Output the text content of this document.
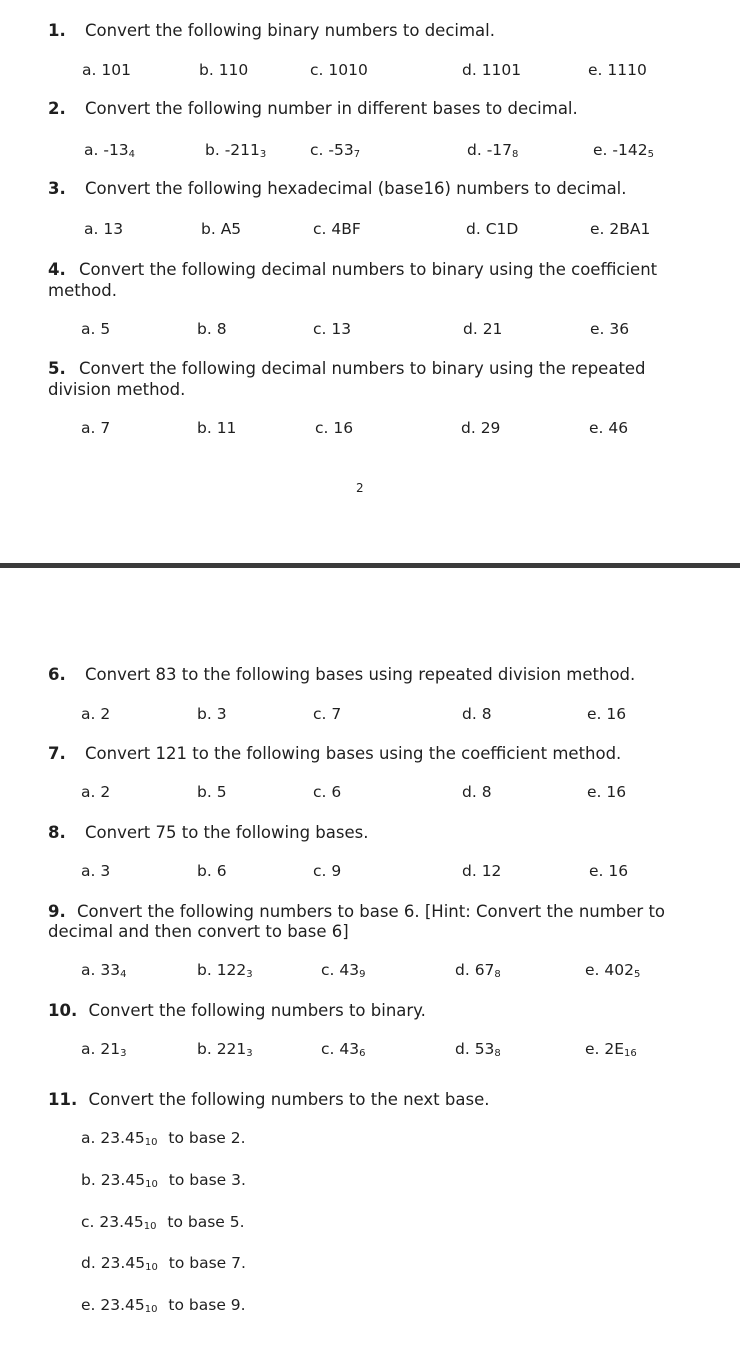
1. Convert the following binary numbers to decimal.
a. 101	b. 110	c. 1010	d. 1101	e. 1110
2. Convert the following number in different bases to decimal.
a. $-13_4$	b. $-211_3$	c. $-53_7$	d. $-17_8$	e. $-142_5$
3. Convert the following hexadecimal (base16) numbers to decimal.
a. 13	b. A5	c. 4BF	d. C1D	e. 2BA1
4. Convert the following decimal numbers to binary using the coefficient
method.
a. 5	b. 8	c. 13	d. 21	e. 36
5. Convert the following decimal numbers to binary using the repeated
division method.
a. 7	b. 11	c. 16	d. 29	e. 46
2
6. Convert 83 to the following bases using repeated division method.
a. 2	b. 3	c. 7	d. 8	e. 16
7. Convert 121 to the following bases using the coefficient method.
a. 2	b. 5	c. 6	d. 8	e. 16
8. Convert 75 to the following bases.
a. 3	b. 6	c. 9	d. 12	e. 16
9. Convert the following numbers to base 6. [Hint: Convert the number to
decimal and then convert to base 6]
a. $33_4$	b. $122_3$	c. $43_9$	d. $67_8$	e. $402_5$
10. Convert the following numbers to binary.
a. $21_3$	b. $221_3$	c. $43_6$	d. $53_8$	e. $2E_{16}$
11. Convert the following numbers to the next base.
a. $23.45_{10}$ to base 2.
b. $23.45_{10}$ to base 3.
c. $23.45_{10}$ to base 5.
d. $23.45_{10}$ to base 7.
e. $23.45_{10}$ to base 9.
